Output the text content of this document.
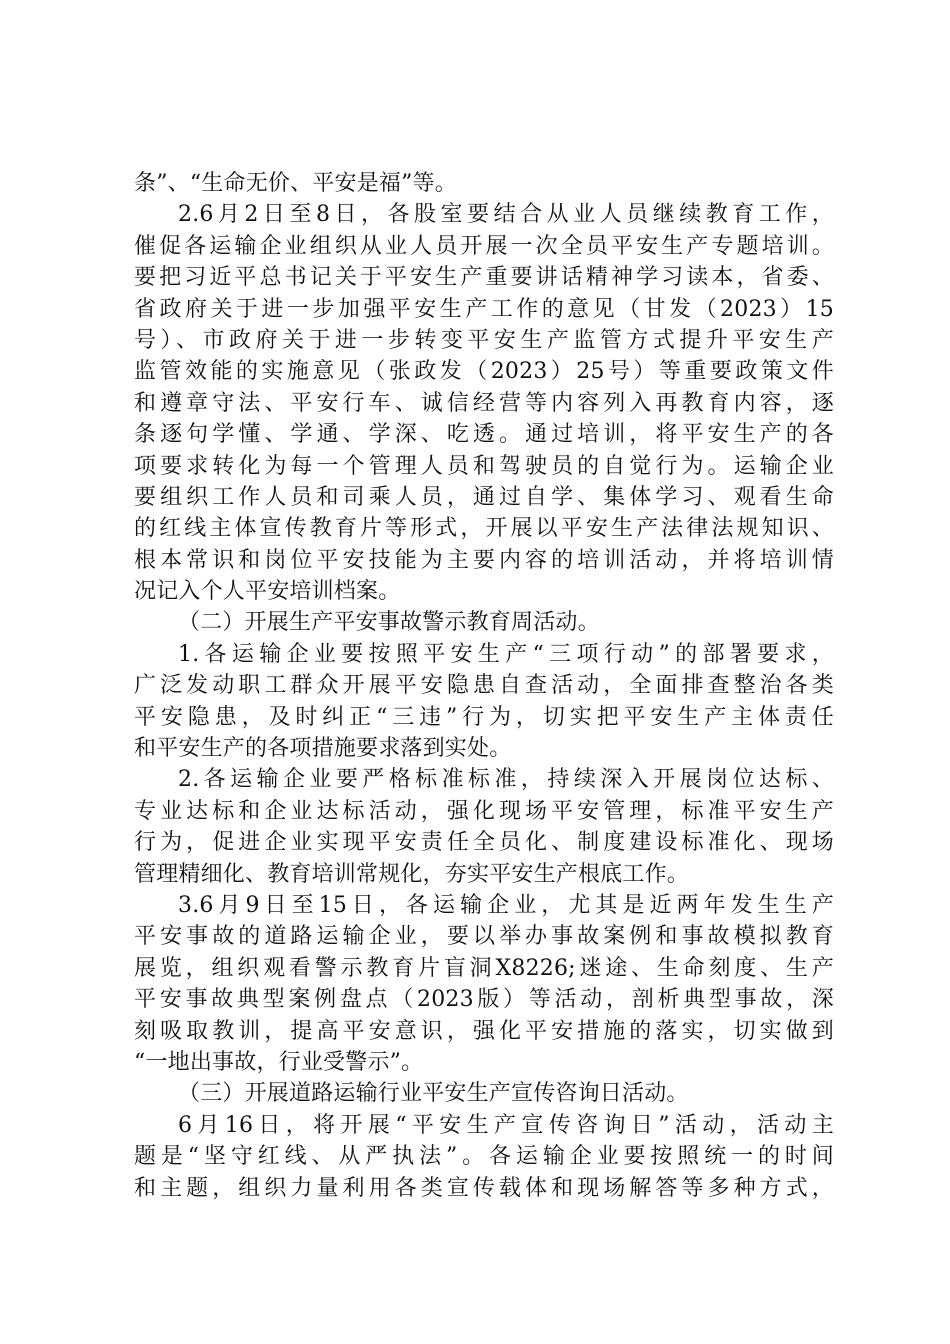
条”、“生命无价、平安是福”等。
2.6月2日至8日，各股室要结合从业人员继续教育工作，
催促各运输企业组织从业人员开展一次全员平安生产专题培训。
要把习近平总书记关于平安生产重要讲话精神学习读本，省委、
省政府关于进一步加强平安生产工作的意见（甘发（2023）15
号）、市政府关于进一步转变平安生产监管方式提升平安生产
监管效能的实施意见（张政发（2023）25号）等重要政策文件
和遵章守法、平安行车、诚信经营等内容列入再教育内容，逐
条逐句学懂、学通、学深、吃透。通过培训，将平安生产的各
项要求转化为每一个管理人员和驾驶员的自觉行为。运输企业
要组织工作人员和司乘人员，通过自学、集体学习、观看生命
的红线主体宣传教育片等形式，开展以平安生产法律法规知识、
根本常识和岗位平安技能为主要内容的培训活动，并将培训情
况记入个人平安培训档案。
（二）开展生产平安事故警示教育周活动。
1.各运输企业要按照平安生产“三项行动”的部署要求，
广泛发动职工群众开展平安隐患自查活动，全面排查整治各类
平安隐患，及时纠正“三违”行为，切实把平安生产主体责任
和平安生产的各项措施要求落到实处。
2.各运输企业要严格标准标准，持续深入开展岗位达标、
专业达标和企业达标活动，强化现场平安管理，标准平安生产
行为，促进企业实现平安责任全员化、制度建设标准化、现场
管理精细化、教育培训常规化，夯实平安生产根底工作。
3.6月9日至15日，各运输企业，尤其是近两年发生生产
平安事故的道路运输企业，要以举办事故案例和事故模拟教育
展览，组织观看警示教育片盲洞X8226;迷途、生命刻度、生产
平安事故典型案例盘点（2023版）等活动，剖析典型事故，深
刻吸取教训，提高平安意识，强化平安措施的落实，切实做到
“一地出事故，行业受警示”。
（三）开展道路运输行业平安生产宣传咨询日活动。
6月16日，将开展“平安生产宣传咨询日”活动，活动主
题是“坚守红线、从严执法”。各运输企业要按照统一的时间
和主题，组织力量利用各类宣传载体和现场解答等多种方式，
